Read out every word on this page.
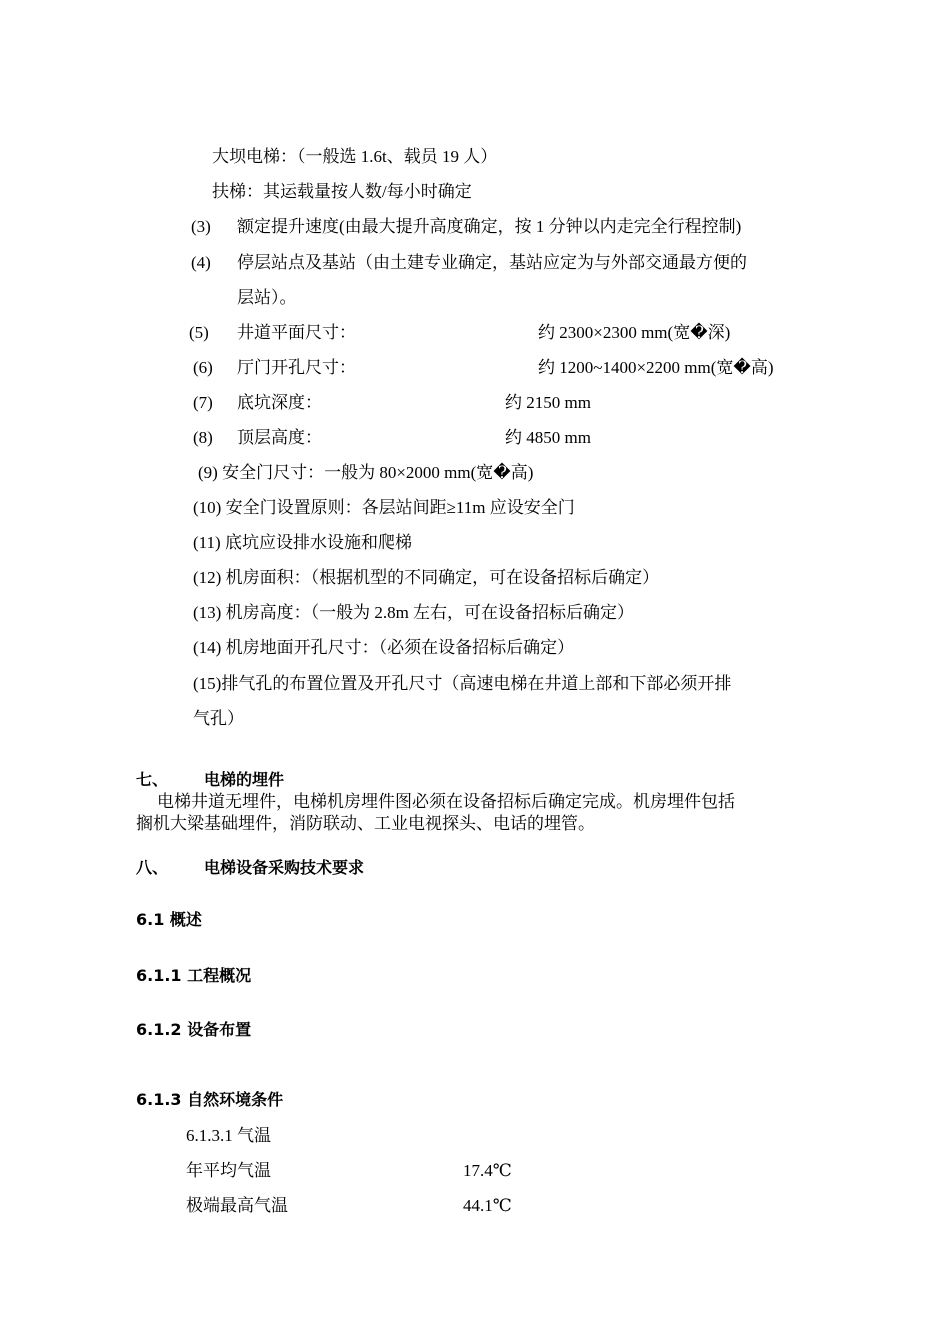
大坝电梯：（一般选 1.6t、载员 19 人）
扶梯：其运载量按人数/每小时确定
(3) 额定提升速度(由最大提升高度确定，按 1 分钟以内走完全行程控制)
(4) 停层站点及基站（由土建专业确定，基站应定为与外部交通最方便的
层站）。
(5) 井道平面尺寸：	约 2300×2300 mm(宽�深)
(6) 厅门开孔尺寸：	约 1200~1400×2200 mm(宽�高)
(7) 底坑深度：	约 2150 mm
(8) 顶层高度：	约 4850 mm
(9) 安全门尺寸：一般为 80×2000 mm(宽�高)
(10) 安全门设置原则：各层站间距≥11m 应设安全门
(11) 底坑应设排水设施和爬梯
(12) 机房面积：（根据机型的不同确定，可在设备招标后确定）
(13) 机房高度：（一般为 2.8m 左右，可在设备招标后确定）
(14) 机房地面开孔尺寸：（必须在设备招标后确定）
(15)排气孔的布置位置及开孔尺寸（高速电梯在井道上部和下部必须开排
气孔）
七、 电梯的埋件
电梯井道无埋件，电梯机房埋件图必须在设备招标后确定完成。机房埋件包括
搁机大梁基础埋件，消防联动、工业电视探头、电话的埋管。
八、 电梯设备采购技术要求
6.1 概述
6.1.1 工程概况
6.1.2 设备布置
6.1.3 自然环境条件
6.1.3.1 气温
年平均气温	17.4℃
极端最高气温	44.1℃
